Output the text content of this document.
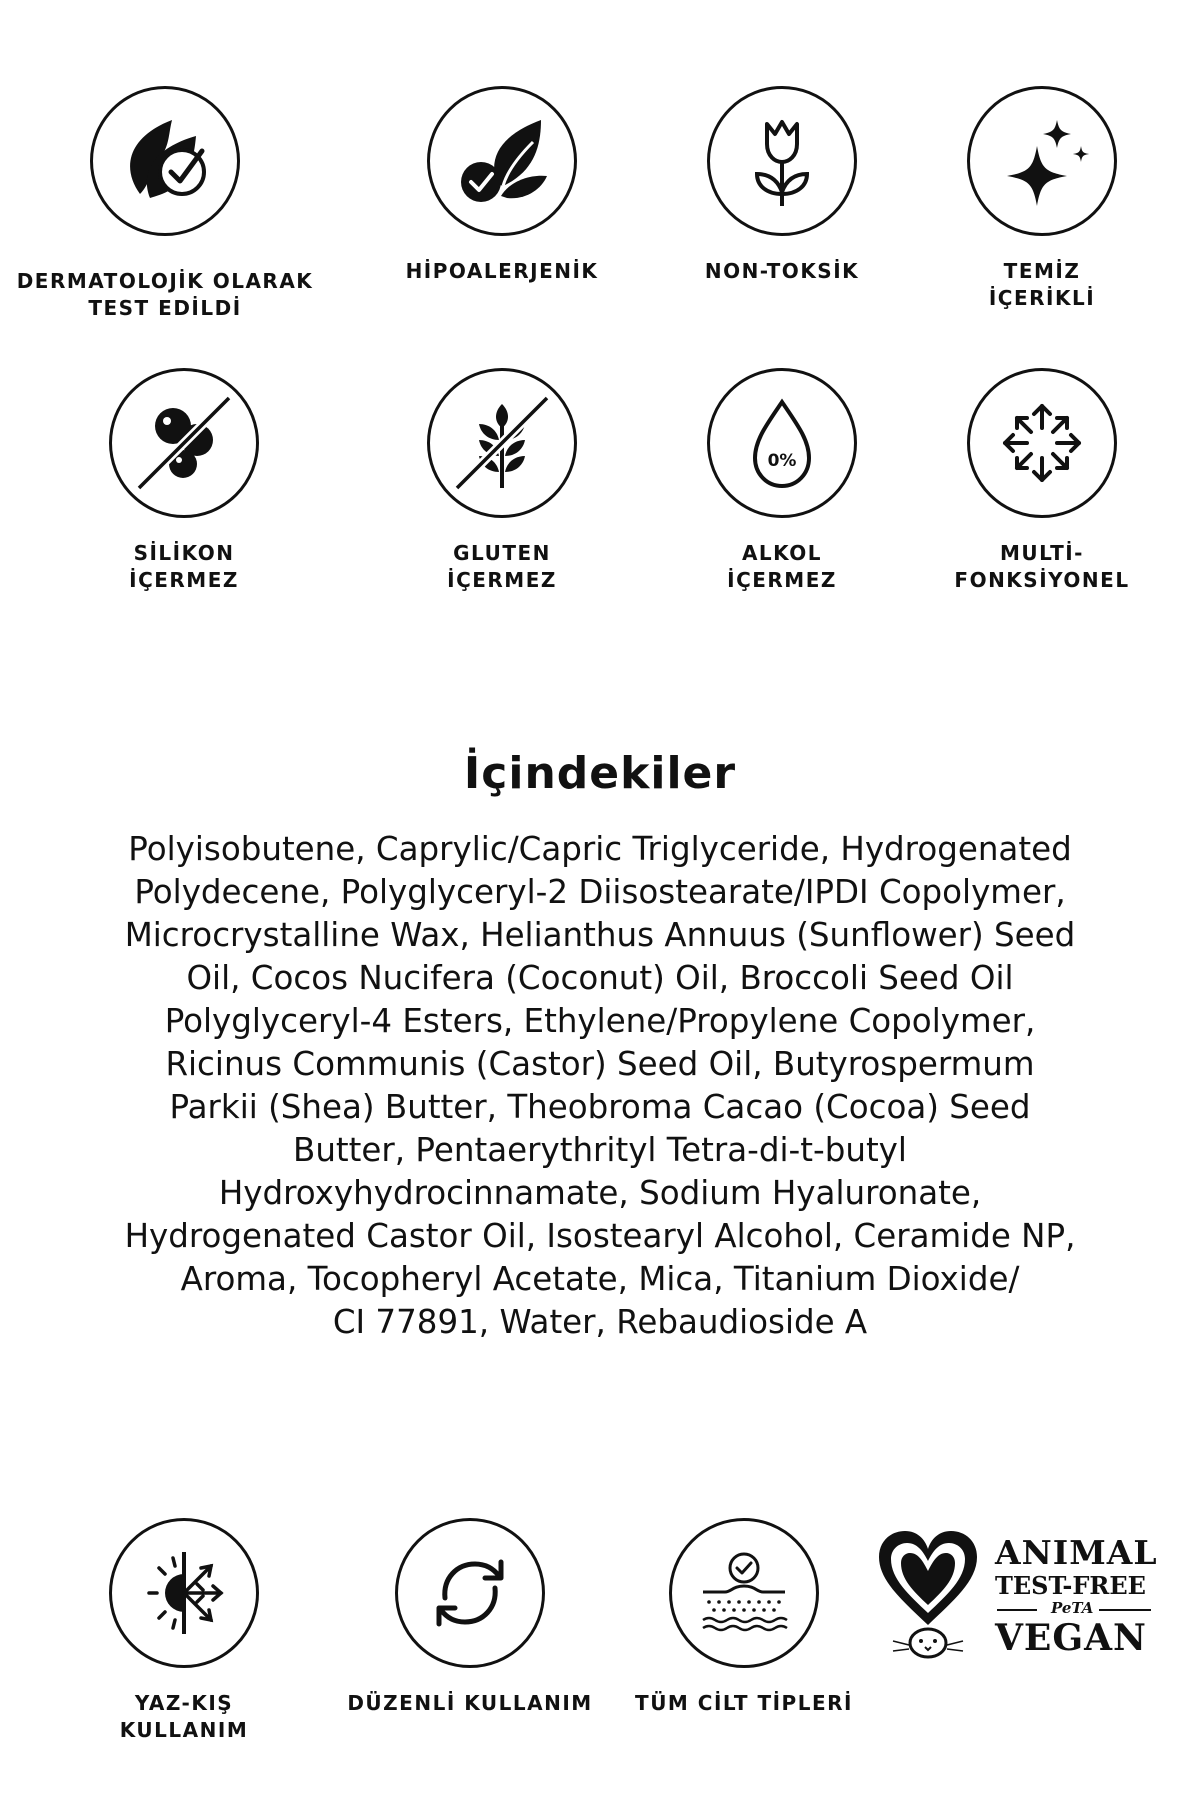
DERMATOLOJİK OLARAK
TEST EDİLDİ
HİPOALERJENİK	NON-TOKSİK	TEMİZ İÇERİKLİ
SİLİKON İÇERMEZ
GLUTEN İÇERMEZ
0%
ALKOL İÇERMEZ
MULTİ-FONKSİYONEL
İçindekiler
Polyisobutene, Caprylic/Capric Triglyceride, Hydrogenated
Polydecene, Polyglyceryl-2 Diisostearate/IPDI Copolymer,
Microcrystalline Wax, Helianthus Annuus (Sunflower) Seed
Oil, Cocos Nucifera (Coconut) Oil, Broccoli Seed Oil
Polyglyceryl-4 Esters, Ethylene/Propylene Copolymer,
Ricinus Communis (Castor) Seed Oil, Butyrospermum
Parkii (Shea) Butter, Theobroma Cacao (Cocoa) Seed
Butter, Pentaerythrityl Tetra-di-t-butyl
Hydroxyhydrocinnamate, Sodium Hyaluronate,
Hydrogenated Castor Oil, Isostearyl Alcohol, Ceramide NP,
Aroma, Tocopheryl Acetate, Mica, Titanium Dioxide/
CI 77891, Water, Rebaudioside A
YAZ-KIŞ KULLANIM
DÜZENLİ KULLANIM	TÜM CİLT TİPLERİ
ANIMAL
TEST-FREE
PeTA
VEGAN
